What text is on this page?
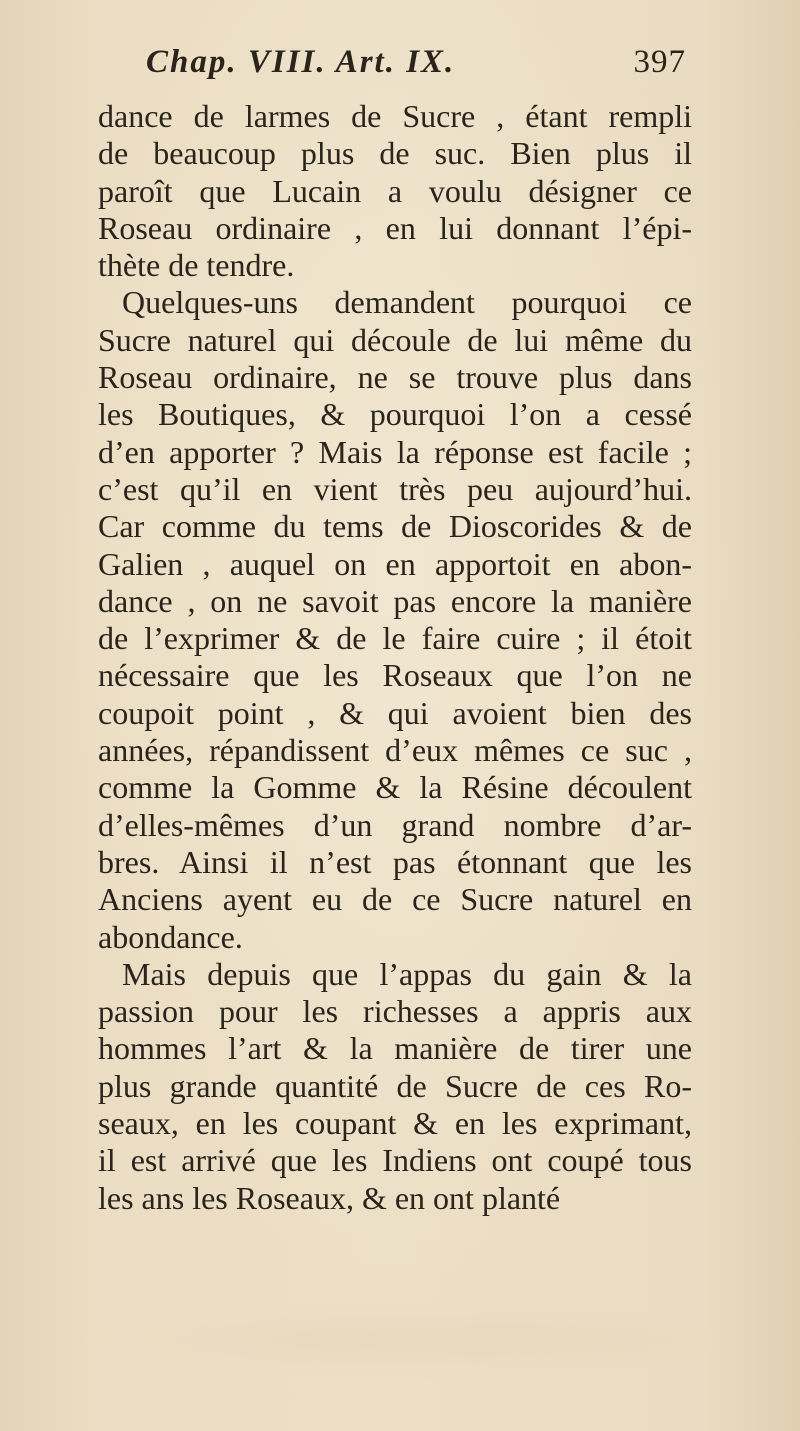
Chap. VIII. Art. IX.	397
dance de larmes de Sucre , étant rempli
de beaucoup plus de suc. Bien plus il
paroît que Lucain a voulu désigner ce
Roseau ordinaire , en lui donnant l’épi-
thète de tendre.
Quelques-uns demandent pourquoi ce
Sucre naturel qui découle de lui même du
Roseau ordinaire, ne se trouve plus dans
les Boutiques, & pourquoi l’on a cessé
d’en apporter ? Mais la réponse est facile ;
c’est qu’il en vient très peu aujourd’hui.
Car comme du tems de Dioscorides & de
Galien , auquel on en apportoit en abon-
dance , on ne savoit pas encore la manière
de l’exprimer & de le faire cuire ; il étoit
nécessaire que les Roseaux que l’on ne
coupoit point , & qui avoient bien des
années, répandissent d’eux mêmes ce suc ,
comme la Gomme & la Résine découlent
d’elles-mêmes d’un grand nombre d’ar-
bres. Ainsi il n’est pas étonnant que les
Anciens ayent eu de ce Sucre naturel en
abondance.
Mais depuis que l’appas du gain & la
passion pour les richesses a appris aux
hommes l’art & la manière de tirer une
plus grande quantité de Sucre de ces Ro-
seaux, en les coupant & en les exprimant,
il est arrivé que les Indiens ont coupé tous
les ans les Roseaux, & en ont planté
